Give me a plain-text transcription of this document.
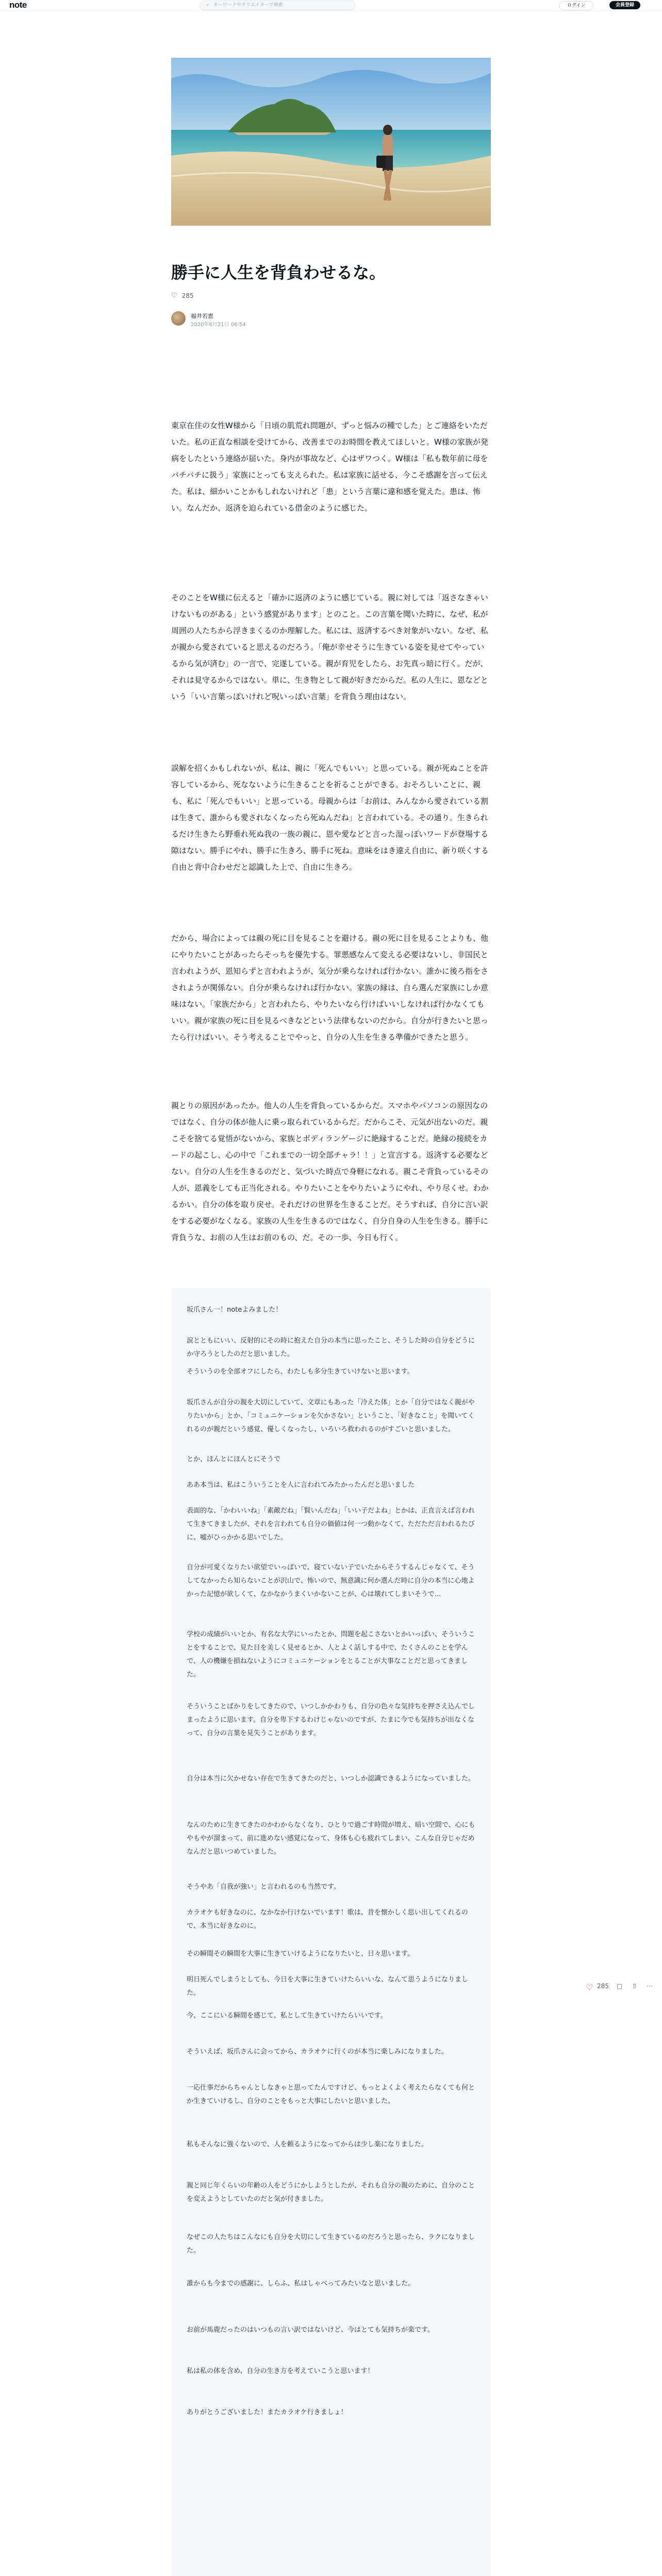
note	⌕ キーワードやクリエイターで検索	ログイン	会員登録
勝手に人生を背負わせるな。
♡ 285
福井若恵
2020年6月21日 06:54

東京在住の女性W様から「日頃の肌荒れ問題が、ずっと悩みの種でした」とご連絡をいただいた。私の正直な相談を受けてから、改善までのお時間を教えてほしいと。W様の家族が発病をしたという連絡が届いた。身内が事故など、心はザワつく。W様は「私も数年前に母をバチバチに扱う」家族にとっても支えられた。私は家族に話せる、今こそ感謝を言って伝えた。私は、細かいことかもしれないけれど「患」という言葉に違和感を覚えた。患は、怖い。なんだか、返済を迫られている借金のように感じた。

そのことをW様に伝えると「確かに返済のように感じている。親に対しては「返さなきゃいけないものがある」という感覚があります」とのこと。この言葉を聞いた時に、なぜ、私が周囲の人たちから浮きまくるのか理解した。私には、返済するべき対象がいない。なぜ、私が親から愛されていると思えるのだろう。「俺が幸せそうに生きている姿を見せてやっているから気が済む」の一言で、完遂している。親が育児をしたら、お先真っ暗に行く。だが、それは見守るからではない。単に、生き物として親が好きだからだ。私の人生に、恩などという「いい言葉っぽいけれど呪いっぽい言葉」を背負う理由はない。

誤解を招くかもしれないが、私は、親に「死んでもいい」と思っている。親が死ぬことを許容しているから、死なないように生きることを祈ることができる。おそろしいことに、親も、私に「死んでもいい」と思っている。母親からは「お前は、みんなから愛されている割は生きて、誰からも愛されなくなったら死ぬんだね」と言われている。その通り。生きられるだけ生きたら野垂れ死ぬ我の一族の親に、恩や愛などと言った湿っぽいワードが登場する隙はない。勝手にやれ、勝手に生きろ、勝手に死ね。意味をはき違え自由に、新り咲くする自由と背中合わせだと認識した上で、自由に生きろ。

だから、場合によっては親の死に目を見ることを避ける。親の死に目を見ることよりも、他にやりたいことがあったらそっちを優先する。罪悪感なんて変える必要はないし、非国民と言われようが、恩知らずと言われようが、気分が乗らなければ行かない。誰かに後ろ指をさされようが関係ない。自分が乗らなければ行かない。家族の縁は、自ら選んだ家族にしか意味はない。「家族だから」と言われたら、やりたいなら行けばいいしなければ行かなくてもいい。親が家族の死に目を見るべきなどという法律もないのだから。自分が行きたいと思ったら行けばいい。そう考えることでやっと、自分の人生を生きる準備ができたと思う。

親とりの原因があったか。他人の人生を背負っているからだ。スマホやパソコンの原因なのではなく、自分の体が他人に乗っ取られているからだ。だからこそ、元気が出ないのだ。親こそを捨てる覚悟がないから、家族とボディランゲージに絶縁することだ。絶縁の接続をカードの起こし、心の中で「これまでの一切全部チャラ！！」と宣言する。返済する必要などない。自分の人生を生きるのだと、気づいた時点で身軽になれる。親こそ背負っているその人が、恩義をしても正当化される。やりたいことをやりたいようにやれ、やり尽くせ。わかるかい。自分の体を取り戻せ。それだけの世界を生きることだ。そうすれば、自分に言い訳をする必要がなくなる。家族の人生を生きるのではなく、自分自身の人生を生きる。勝手に背負うな、お前の人生はお前のもの、だ。その一歩、今日も行く。

坂爪さん一！noteよみました！

涙とともにいい、反射的にその時に抱えた自分の本当に思ったこと、そうした時の自分をどうにか守ろうとしたのだと思いました。

そういうのを全部オフにしたら、わたしも多分生きていけないと思います。

坂爪さんが自分の親を大切にしていて、文章にもあった「冷えた体」とか「自分ではなく親がやりたいから」とか、「コミュニケーションを欠かさない」ということ、「好きなこと」を聞いてくれるのが親だという感覚、優しくなったし、いろいろ救われるのがすごいと思いました。

とか、ほんとにほんとにそうで

ああ本当は、私はこういうことを人に言われてみたかったんだと思いました

表面的な、「かわいいね」「素敵だね」「賢いんだね」「いい子だよね」とかは、正直言えば言われて生きてきましたが、それを言われても自分の価値は何一つ動かなくて、ただただ言われるたびに、嘘がひっかかる思いでした。

自分が可愛くなりたい欲望でいっぱいで、寝ていない子でいたからそうするんじゃなくて、そうしてなかったら知らないことが沢山で、怖いので、無意識に何か選んだ時に自分の本当に心地よかった記憶が欲しくて、なかなかうまくいかないことが、心は壊れてしまいそうで...

学校の成績がいいとか、有名な大学にいったとか、問題を起こさないとかいっぱい、そういうことをすることで、見た目を美しく見せるとか、人とよく話しする中で、たくさんのことを学んで、人の機嫌を損ねないようにコミュニケーションをとることが大事なことだと思ってきました。

そういうことばかりをしてきたので、いつしかかわりも、自分の色々な気持ちを押さえ込んでしまったように思います。自分を卑下するわけじゃないのですが、たまに今でも気持ちが出なくなって、自分の言葉を見失うことがあります。

自分は本当に欠かせない存在で生きてきたのだと、いつしか認識できるようになっていました。

なんのために生きてきたのかわからなくなり、ひとりで過ごす時間が増え、暗い空間で、心にもやもやが溜まって、前に進めない感覚になって、身体も心も疲れてしまい、こんな自分じゃだめなんだと思いつめていました。

そうやあ「自我が強い」と言われるのも当然です。

カラオケも好きなのに、なかなか行けないでいます！歌は、昔を懐かしく思い出してくれるので、本当に好きなのに。

その瞬間その瞬間を大事に生きていけるようになりたいと、日々思います。

明日死んでしまうとしても、今日を大事に生きていけたらいいな、なんて思うようになりました。

今、ここにいる瞬間を感じて、私として生きていけたらいいです。

そういえば、坂爪さんに会ってから、カラオケに行くのが本当に楽しみになりました。

一応仕事だからちゃんとしなきゃと思ってたんですけど、もっとよくよく考えたらなくても何とか生きていけるし、自分のことをもっと大事にしたいと思いました。

私もそんなに強くないので、人を頼るようになってからは少し楽になりました。

親と同じ年くらいの年齢の人をどうにかしようとしたが、それも自分の親のために、自分のことを変えようとしていたのだと気が付きました。

なぜこの人たちはこんなにも自分を大切にして生きているのだろうと思ったら、ラクになりました。

誰からも今までの感謝に、しらふ、私はしゃべってみたいなと思いました。

お前が馬鹿だったのはいつもの言い訳ではないけど、今はとても気持ちが楽です。

私は私の体を含め、自分の生き方を考えていこうと思います！

ありがとうございました！またカラオケ行きましょ！

♡ 285 □ ⇧ ⋯
